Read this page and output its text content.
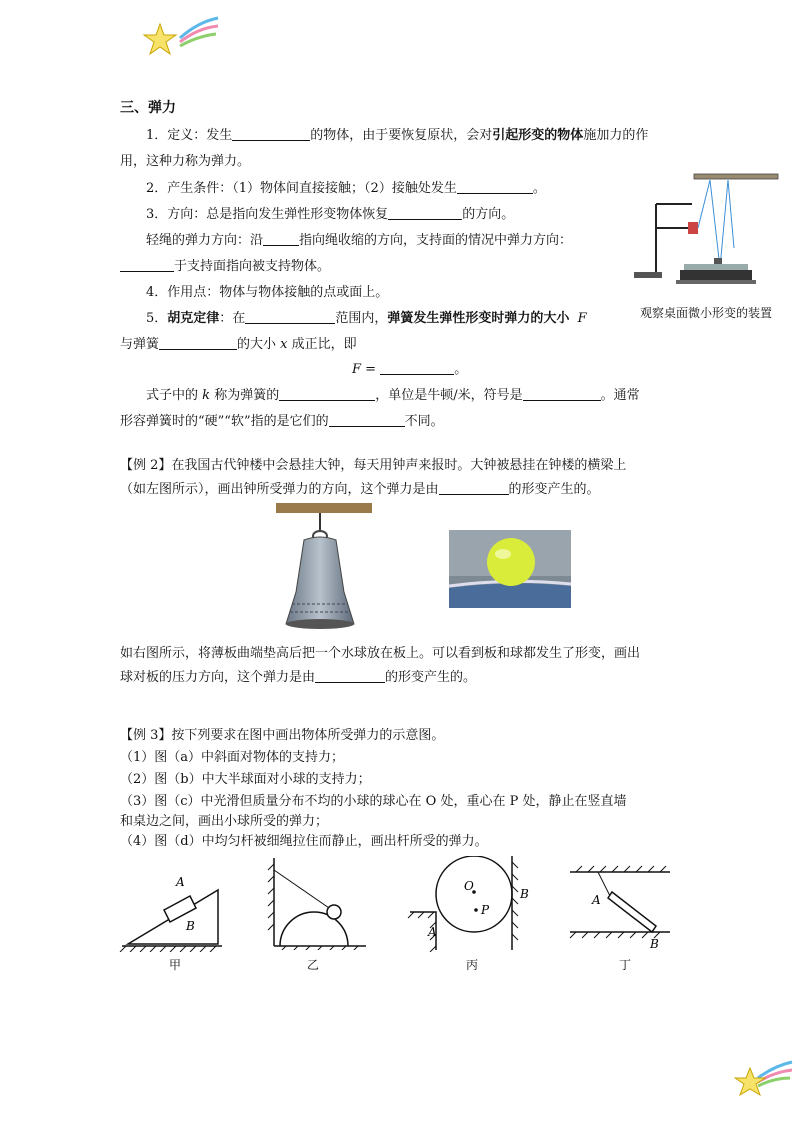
三、弹力
1．定义：发生	的物体，由于要恢复原状，会对引起形变的物体施加力的作
用，这种力称为弹力。
2．产生条件：（1）物体间直接接触；（2）接触处发生	。
3．方向：总是指向发生弹性形变物体恢复	的方向。
轻绳的弹力方向：沿	指向绳收缩的方向，支持面的情况中弹力方向：
于支持面指向被支持物体。
4．作用点：物体与物体接触的点或面上。
5．胡克定律：在	范围内，弹簧发生弹性形变时弹力的大小 F
与弹簧	的大小 x 成正比，即
F =	。
式子中的 k 称为弹簧的	，单位是牛顿/米，符号是	。通常
形容弹簧时的“硬”“软”指的是它们的	不同。
观察桌面微小形变的装置
【例 2】在我国古代钟楼中会悬挂大钟，每天用钟声来报时。大钟被悬挂在钟楼的横梁上
（如左图所示），画出钟所受弹力的方向，这个弹力是由	的形变产生的。
如右图所示，将薄板曲端垫高后把一个水球放在板上。可以看到板和球都发生了形变，画出
球对板的压力方向，这个弹力是由	的形变产生的。
【例 3】按下列要求在图中画出物体所受弹力的示意图。
（1）图（a）中斜面对物体的支持力；
（2）图（b）中大半球面对小球的支持力；
（3）图（c）中光滑但质量分布不均的小球的球心在 O 处，重心在 P 处，静止在竖直墙
和桌边之间，画出小球所受的弹力；
（4）图（d）中均匀杆被细绳拉住而静止，画出杆所受的弹力。
A
B
O
P
B
A
A
B
甲	乙	丙	丁
